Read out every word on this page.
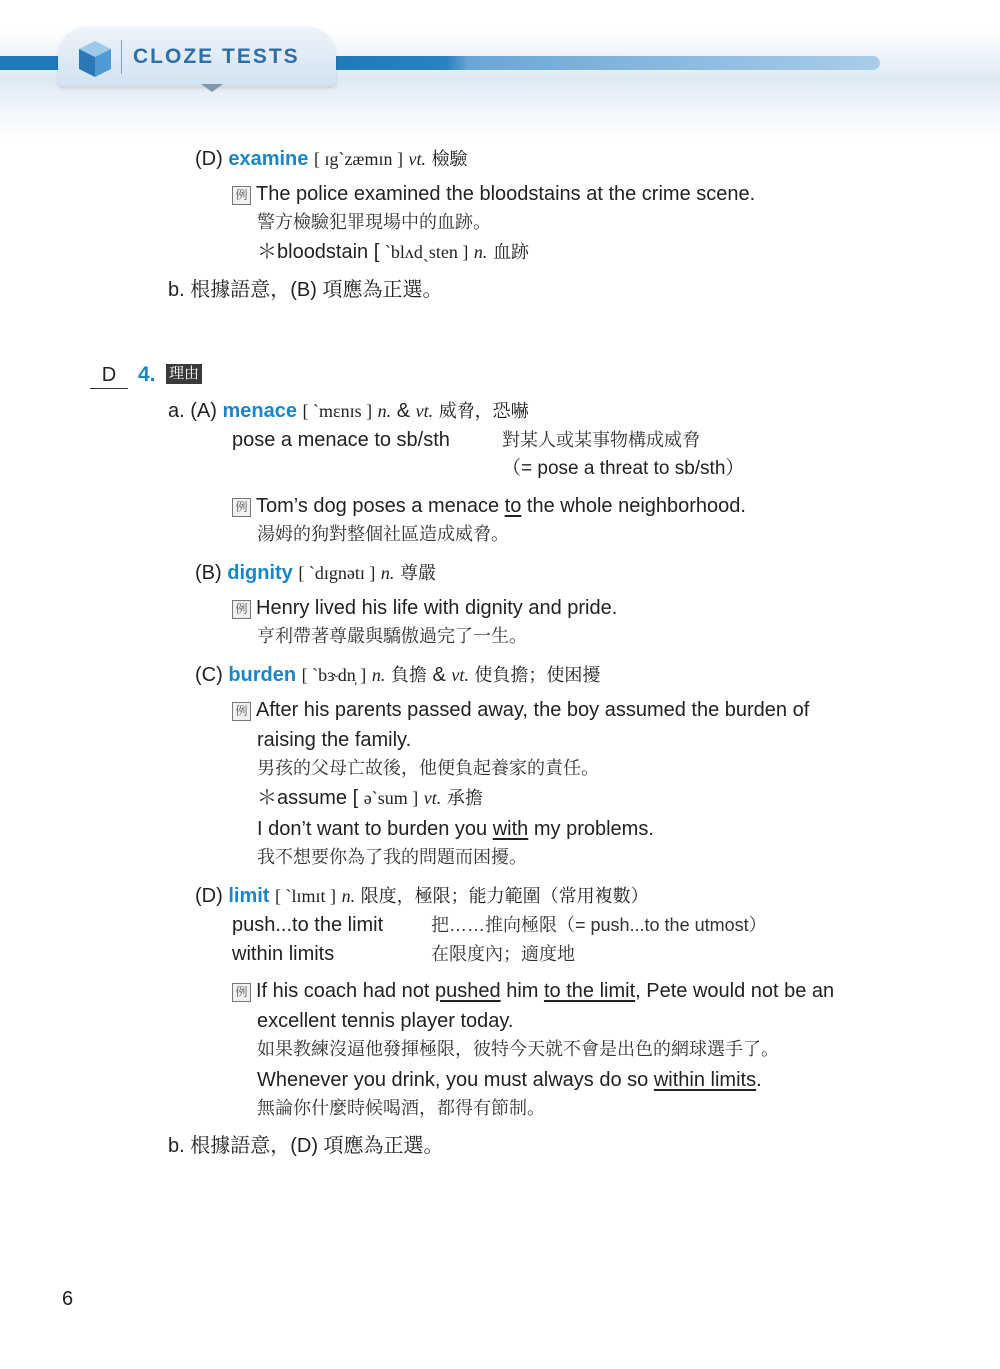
CLOZE TESTS
(D) examine [ ɪgˋzæmɪn ] vt. 檢驗
例 The police examined the bloodstains at the crime scene.
警方檢驗犯罪現場中的血跡。
＊bloodstain [ ˋblʌdˏsten ] n. 血跡
b. 根據語意，(B) 項應為正選。
D	4. 理由
a. (A) menace [ ˋmɛnɪs ] n. & vt. 威脅，恐嚇
pose a menace to sb/sth	對某人或某事物構成威脅
（= pose a threat to sb/sth）
例 Tom’s dog poses a menace to the whole neighborhood.
湯姆的狗對整個社區造成威脅。
(B) dignity [ ˋdɪgnətɪ ] n. 尊嚴
例 Henry lived his life with dignity and pride.
亨利帶著尊嚴與驕傲過完了一生。
(C) burden [ ˋbɝdn̩ ] n. 負擔 & vt. 使負擔；使困擾
例 After his parents passed away, the boy assumed the burden of
raising the family.
男孩的父母亡故後，他便負起養家的責任。
＊assume [ əˋsum ] vt. 承擔
I don’t want to burden you with my problems.
我不想要你為了我的問題而困擾。
(D) limit [ ˋlɪmɪt ] n. 限度，極限；能力範圍（常用複數）
push...to the limit	把……推向極限（= push...to the utmost）
within limits	在限度內；適度地
例 If his coach had not pushed him to the limit, Pete would not be an
excellent tennis player today.
如果教練沒逼他發揮極限，彼特今天就不會是出色的網球選手了。
Whenever you drink, you must always do so within limits.
無論你什麼時候喝酒，都得有節制。
b. 根據語意，(D) 項應為正選。
6
